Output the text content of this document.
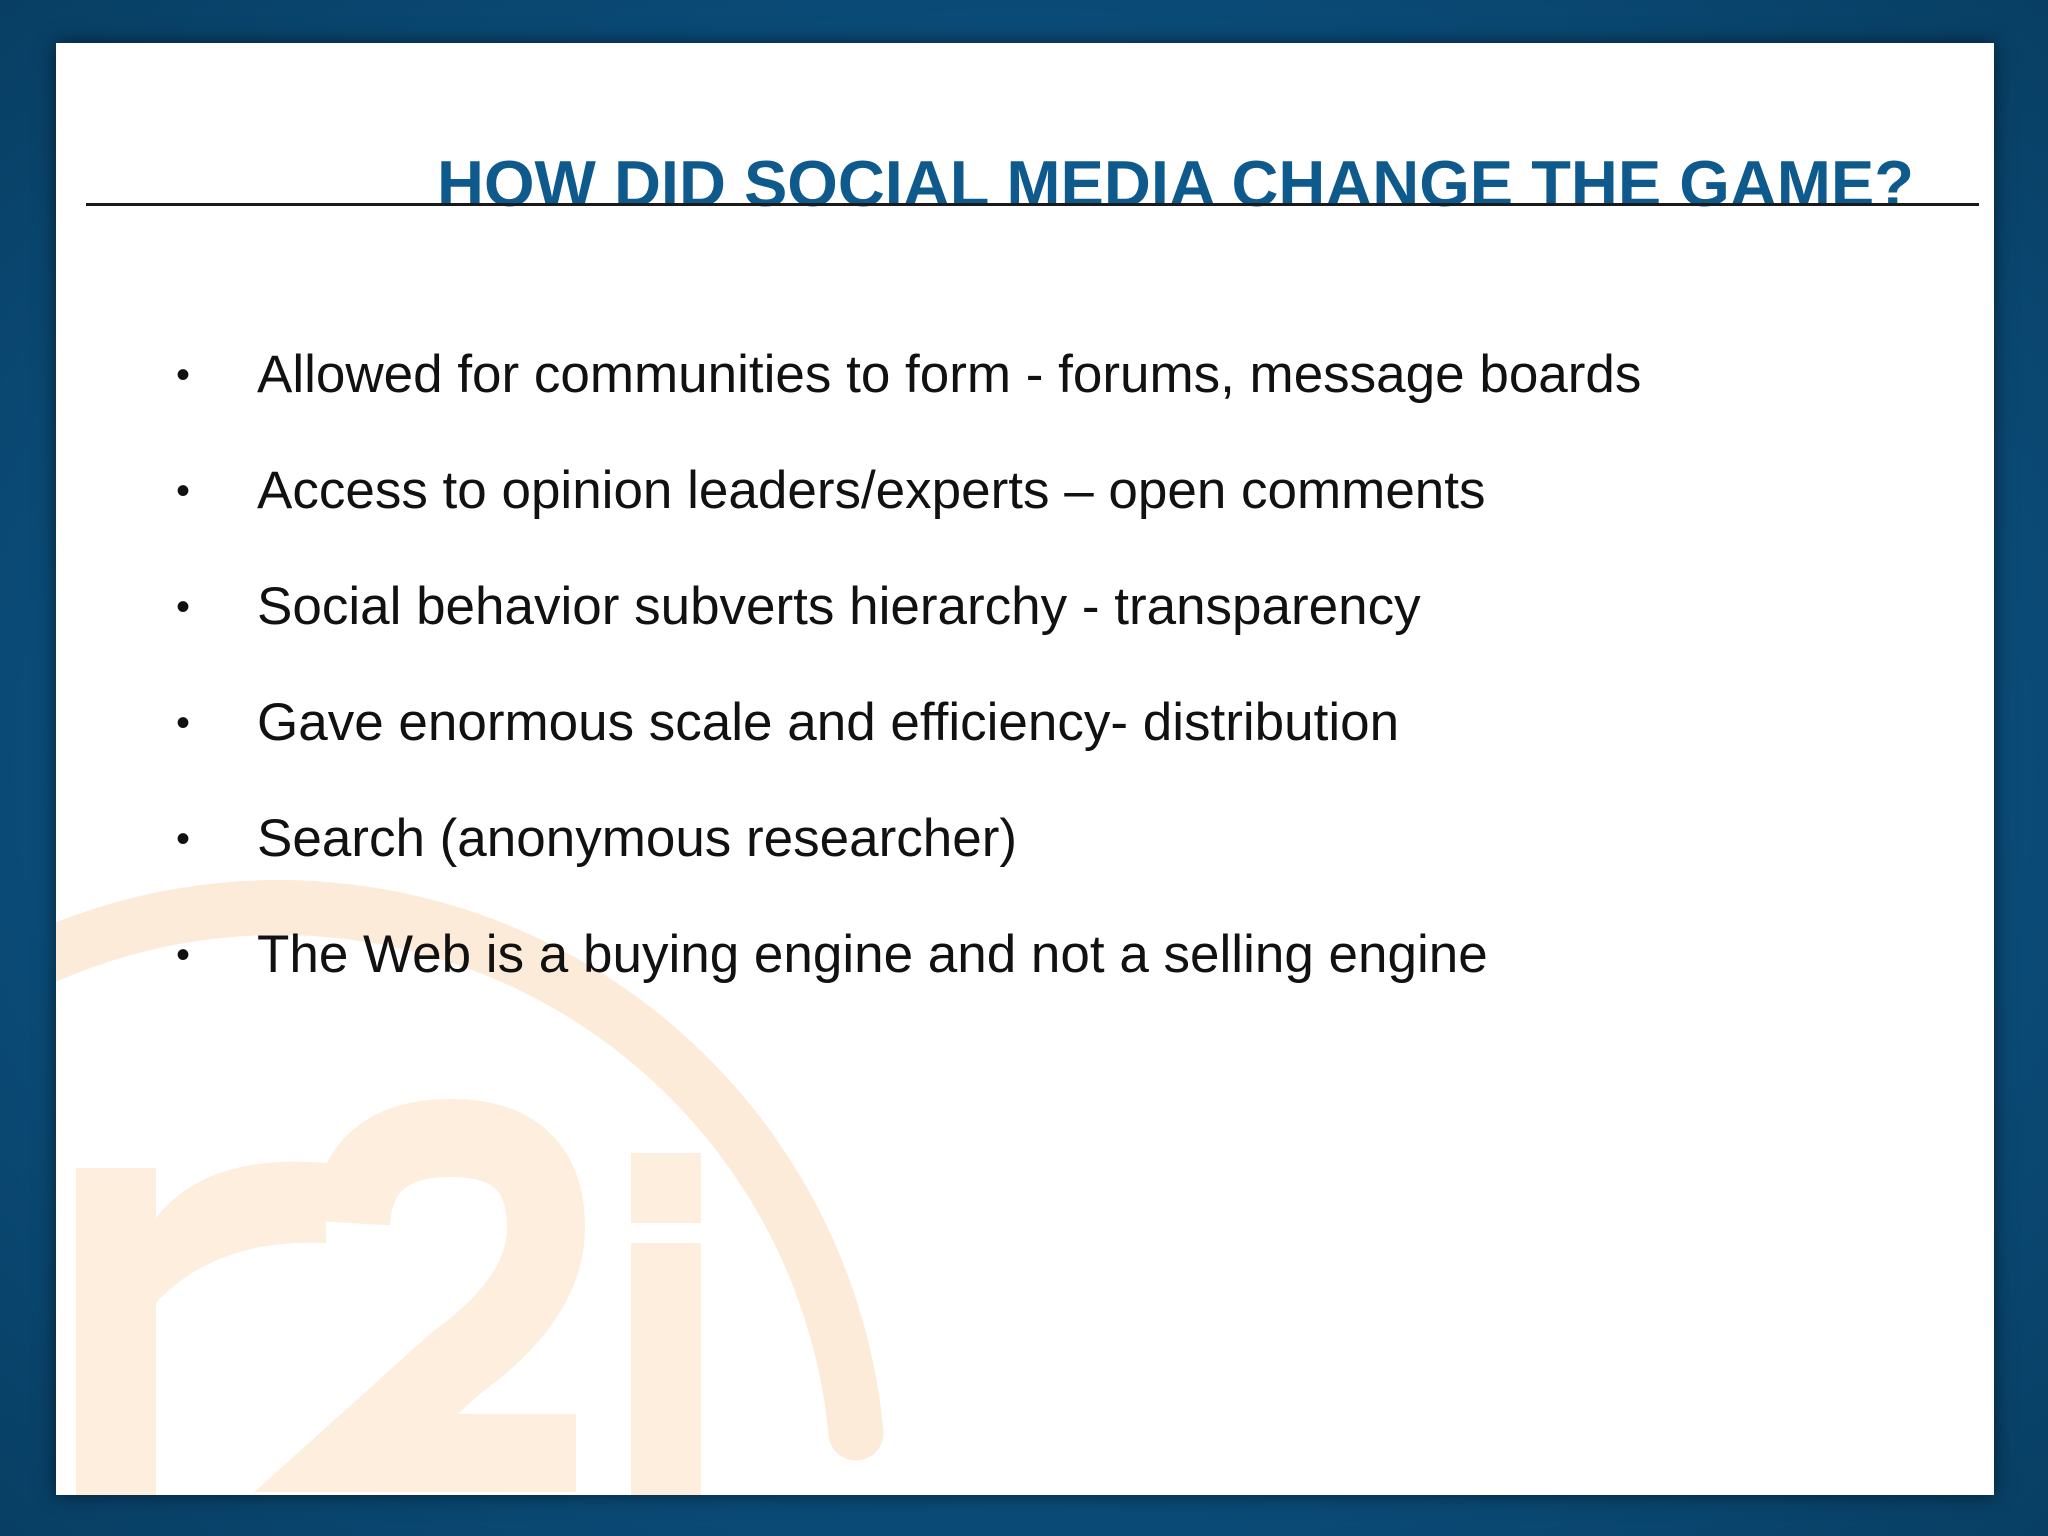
HOW DID SOCIAL MEDIA CHANGE THE GAME?
• Allowed for communities to form - forums, message boards
• Access to opinion leaders/experts – open comments
• Social behavior subverts hierarchy - transparency
• Gave enormous scale and efficiency- distribution
• Search (anonymous researcher)
• The Web is a buying engine and not a selling engine
